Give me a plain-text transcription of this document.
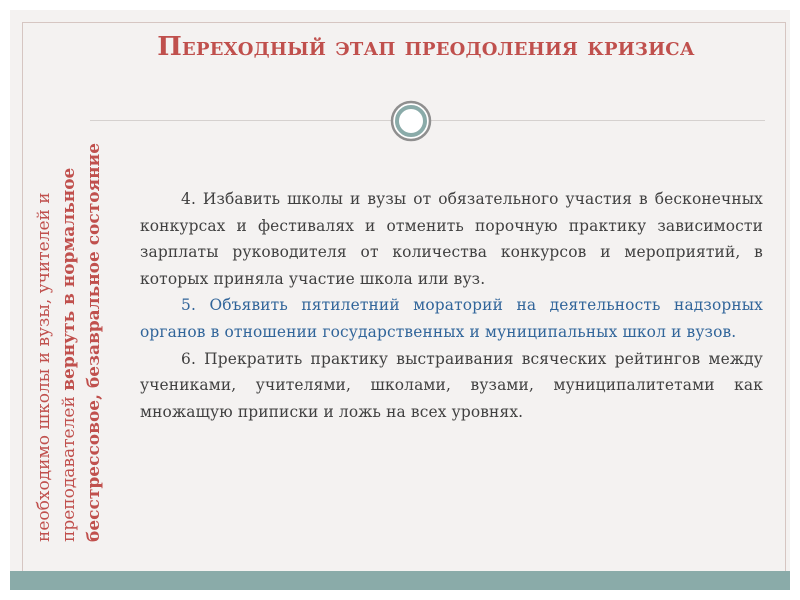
Переходный этап преодоления кризиса
необходимо школы и вузы, учителей и преподавателей вернуть в нормальное бесстрессовое, безавральное состояние	4. Избавить школы и вузы от обязательного участия в бесконечных конкурсах и фестивалях и отменить порочную практику зависимости зарплаты руководителя от количества конкурсов и мероприятий, в которых приняла участие школа или вуз.

5. Объявить пятилетний мораторий на деятельность надзорных органов в отношении государственных и муниципальных школ и вузов.

6. Прекратить практику выстраивания всяческих рейтингов между учениками, учителями, школами, вузами, муниципалитетами как множащую приписки и ложь на всех уровнях.
